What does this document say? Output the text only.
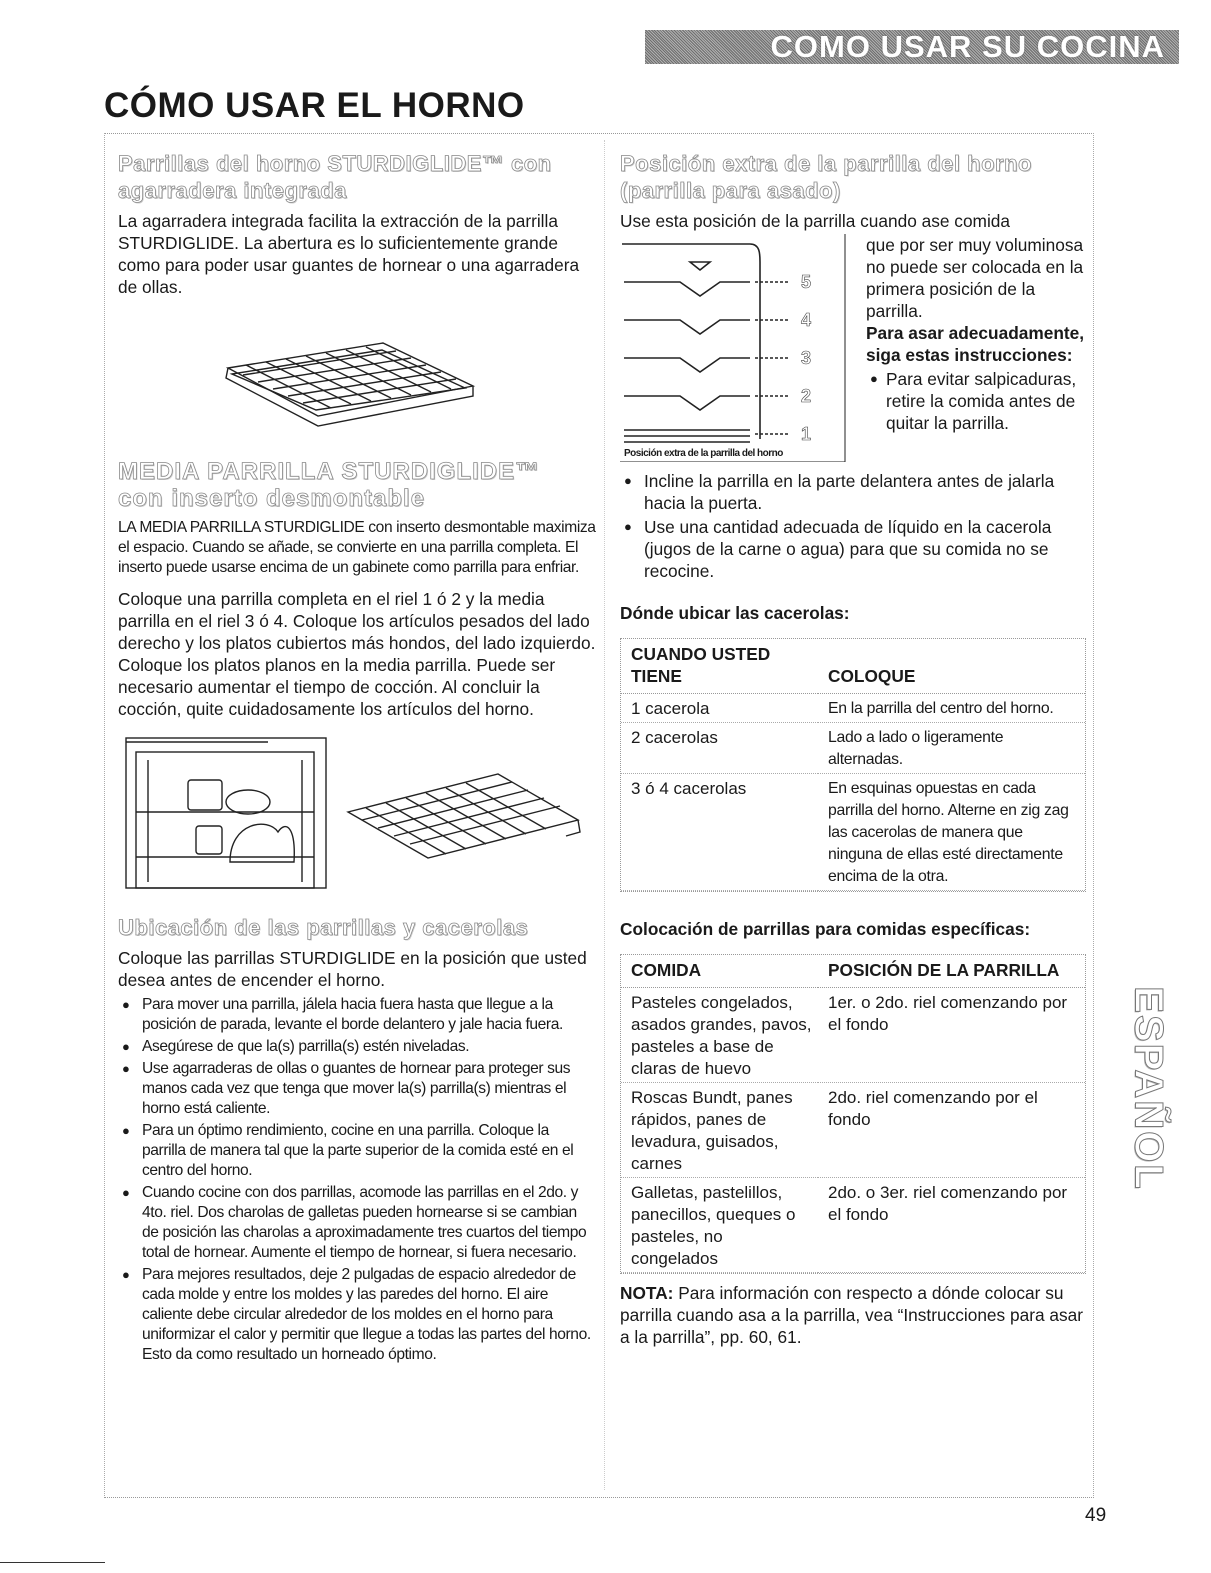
COMO USAR SU COCINA
CÓMO USAR EL HORNO
Parrillas del horno STURDIGLIDE™ con agarradera integrada
La agarradera integrada facilita la extracción de la parrilla STURDIGLIDE. La abertura es lo suficientemente grande como para poder usar guantes de hornear o una agarradera de ollas.
MEDIA PARRILLA STURDIGLIDE™ con inserto desmontable
LA MEDIA PARRILLA STURDIGLIDE con inserto desmontable maximiza el espacio. Cuando se añade, se convierte en una parrilla completa. El inserto puede usarse encima de un gabinete como parrilla para enfriar.
Coloque una parrilla completa en el riel 1 ó 2 y la media parrilla en el riel 3 ó 4. Coloque los artículos pesados del lado derecho y los platos cubiertos más hondos, del lado izquierdo. Coloque los platos planos en la media parrilla. Puede ser necesario aumentar el tiempo de cocción. Al concluir la cocción, quite cuidadosamente los artículos del horno.
Ubicación de las parrillas y cacerolas
Coloque las parrillas STURDIGLIDE en la posición que usted desea antes de encender el horno.
● Para mover una parrilla, jálela hacia fuera hasta que llegue a la posición de parada, levante el borde delantero y jale hacia fuera.
● Asegúrese de que la(s) parrilla(s) estén niveladas.
● Use agarraderas de ollas o guantes de hornear para proteger sus manos cada vez que tenga que mover la(s) parrilla(s) mientras el horno está caliente.
● Para un óptimo rendimiento, cocine en una parrilla. Coloque la parrilla de manera tal que la parte superior de la comida esté en el centro del horno.
● Cuando cocine con dos parrillas, acomode las parrillas en el 2do. y 4to. riel. Dos charolas de galletas pueden hornearse si se cambian de posición las charolas a aproximadamente tres cuartos del tiempo total de hornear. Aumente el tiempo de hornear, si fuera necesario.
● Para mejores resultados, deje 2 pulgadas de espacio alrededor de cada molde y entre los moldes y las paredes del horno. El aire caliente debe circular alrededor de los moldes en el horno para uniformizar el calor y permitir que llegue a todas las partes del horno. Esto da como resultado un horneado óptimo.
Posición extra de la parrilla del horno (parrilla para asado)
Use esta posición de la parrilla cuando ase comida
5
4
3
2
1
Posición extra de la parrilla del horno
que por ser muy voluminosa no puede ser colocada en la primera posición de la parrilla.
Para asar adecuadamente, siga estas instrucciones:
● Para evitar salpicaduras, retire la comida antes de quitar la parrilla.
● Incline la parrilla en la parte delantera antes de jalarla hacia la puerta.
● Use una cantidad adecuada de líquido en la cacerola (jugos de la carne o agua) para que su comida no se recocine.
Dónde ubicar las cacerolas:
CUANDO USTED TIENE	COLOQUE
1 cacerola	En la parrilla del centro del horno.
2 cacerolas	Lado a lado o ligeramente alternadas.
3 ó 4 cacerolas	En esquinas opuestas en cada parrilla del horno. Alterne en zig zag las cacerolas de manera que ninguna de ellas esté directamente encima de la otra.
Colocación de parrillas para comidas específicas:
COMIDA	POSICIÓN DE LA PARRILLA
Pasteles congelados, asados grandes, pavos, pasteles a base de claras de huevo	1er. o 2do. riel comenzando por el fondo
Roscas Bundt, panes rápidos, panes de levadura, guisados, carnes	2do. riel comenzando por el fondo
Galletas, pastelillos, panecillos, queques o pasteles, no congelados	2do. o 3er. riel comenzando por el fondo
NOTA: Para información con respecto a dónde colocar su parrilla cuando asa a la parrilla, vea “Instrucciones para asar a la parrilla”, pp. 60, 61.
ESPAÑOL
49
